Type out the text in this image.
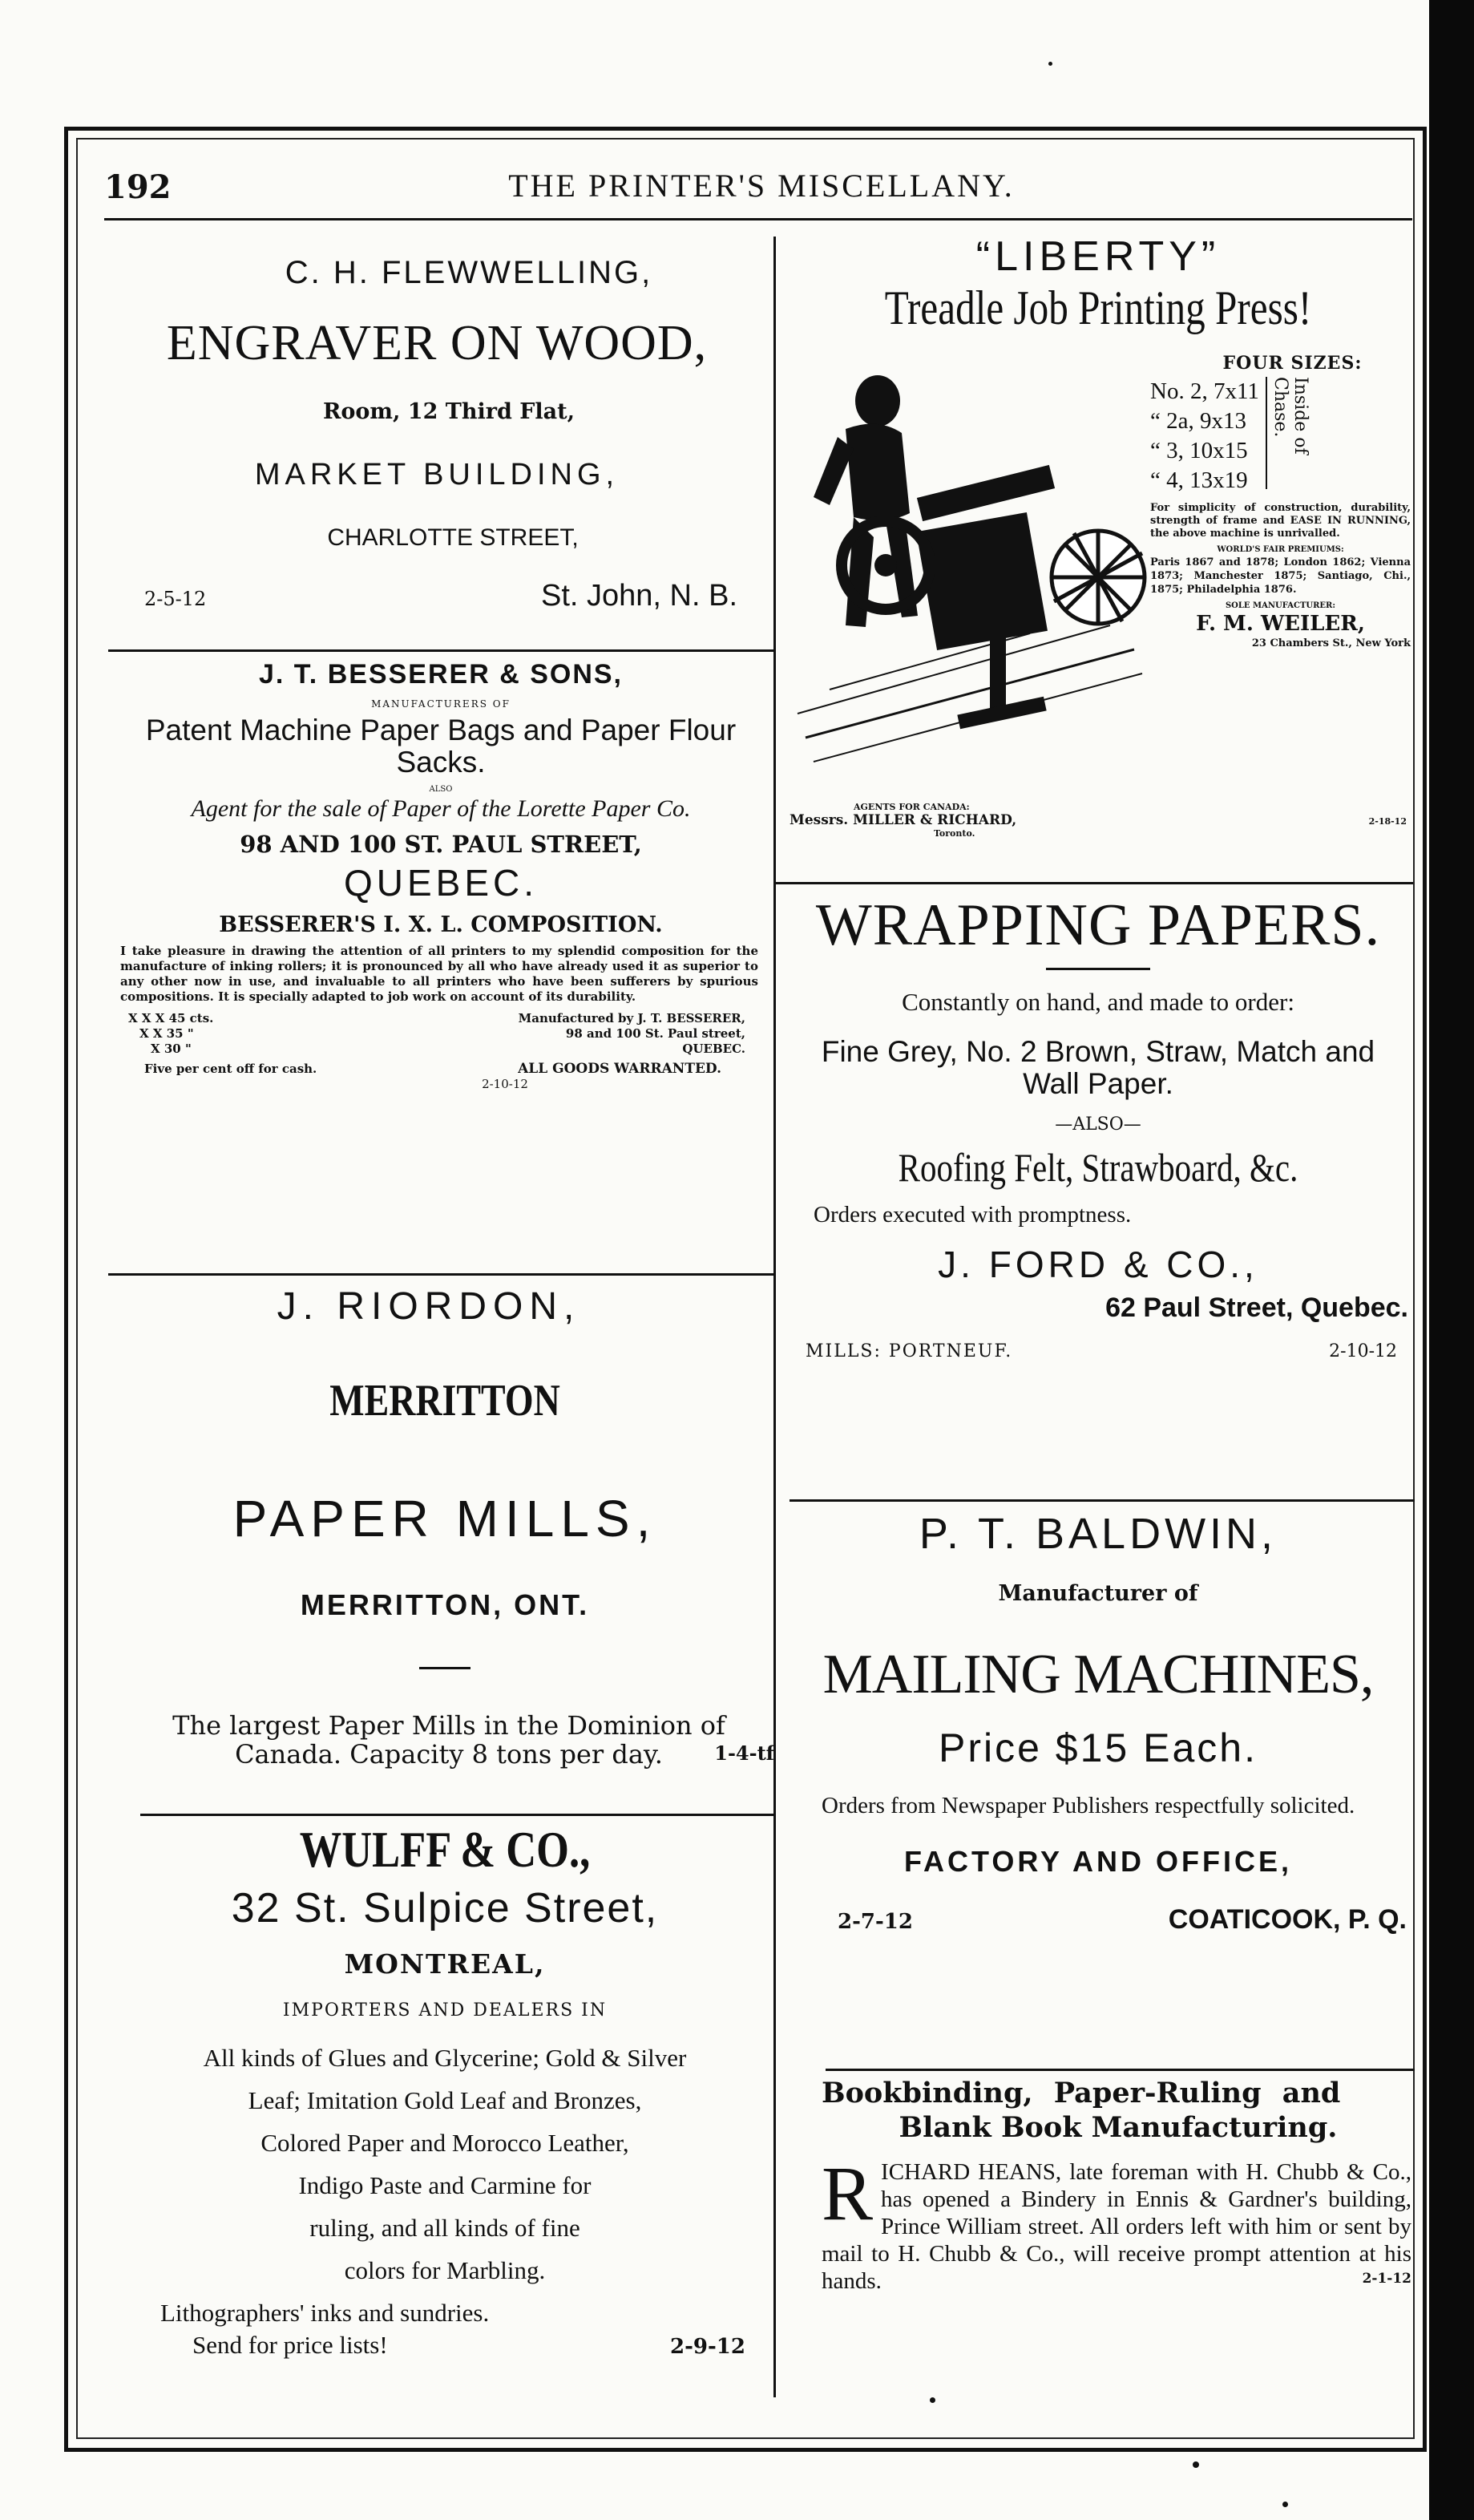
192	THE PRINTER'S MISCELLANY.
C. H. FLEWWELLING,
ENGRAVER ON WOOD,
Room, 12 Third Flat,
MARKET BUILDING,
CHARLOTTE STREET,
2-5-12	St. John, N. B.
J. T. BESSERER & SONS,
MANUFACTURERS OF
Patent Machine Paper Bags and Paper Flour Sacks.
ALSO
Agent for the sale of Paper of the Lorette Paper Co.
98 AND 100 ST. PAUL STREET,
QUEBEC.
BESSERER'S I. X. L. COMPOSITION.
I take pleasure in drawing the attention of all printers to my splendid composition for the manufacture of inking rollers; it is pronounced by all who have already used it as superior to any other now in use, and invaluable to all printers who have been sufferers by spurious compositions. It is specially adapted to job work on account of its durability.
X X X 45 cts.
X X 35 "
X 30 "
Manufactured by J. T. BESSERER,
98 and 100 St. Paul street,
QUEBEC.
Five per cent off for cash.	ALL GOODS WARRANTED.
2-10-12
J. RIORDON,
MERRITTON
PAPER MILLS,
MERRITTON, ONT.
The largest Paper Mills in the Dominion of Canada. Capacity 8 tons per day.	1-4-tf
WULFF & CO.,
32 St. Sulpice Street,
MONTREAL,
IMPORTERS AND DEALERS IN
All kinds of Glues and Glycerine; Gold & Silver
Leaf; Imitation Gold Leaf and Bronzes,
Colored Paper and Morocco Leather,
Indigo Paste and Carmine for
ruling, and all kinds of fine
colors for Marbling.
Lithographers' inks and sundries.
Send for price lists!	2-9-12
“LIBERTY”
Treadle Job Printing Press!
FOUR SIZES:
No. 2, 7x11
“ 2a, 9x13
“ 3, 10x15
“ 4, 13x19
Inside of Chase.
For simplicity of construction, durability, strength of frame and EASE IN RUNNING, the above machine is unrivalled.
WORLD'S FAIR PREMIUMS:
Paris 1867 and 1878; London 1862; Vienna 1873; Manchester 1875; Santiago, Chi., 1875; Philadelphia 1876.
SOLE MANUFACTURER:
F. M. WEILER,
23 Chambers St., New York
AGENTS FOR CANADA:
Messrs. MILLER & RICHARD,	2-18-12
Toronto.
WRAPPING PAPERS.
Constantly on hand, and made to order:
Fine Grey, No. 2 Brown, Straw, Match and Wall Paper.
—ALSO—
Roofing Felt, Strawboard, &c.
Orders executed with promptness.
J. FORD & CO.,
62 Paul Street, Quebec.
MILLS: PORTNEUF.	2-10-12
P. T. BALDWIN,
Manufacturer of
MAILING MACHINES,
Price $15 Each.
Orders from Newspaper Publishers respectfully solicited.
FACTORY AND OFFICE,
2-7-12	COATICOOK, P. Q.
Bookbinding, Paper-Ruling and
Blank Book Manufacturing.
R ICHARD HEANS, late foreman with H. Chubb & Co., has opened a Bindery in Ennis & Gardner's building, Prince William street. All orders left with him or sent by mail to H. Chubb & Co., will receive prompt attention at his hands.	2-1-12
